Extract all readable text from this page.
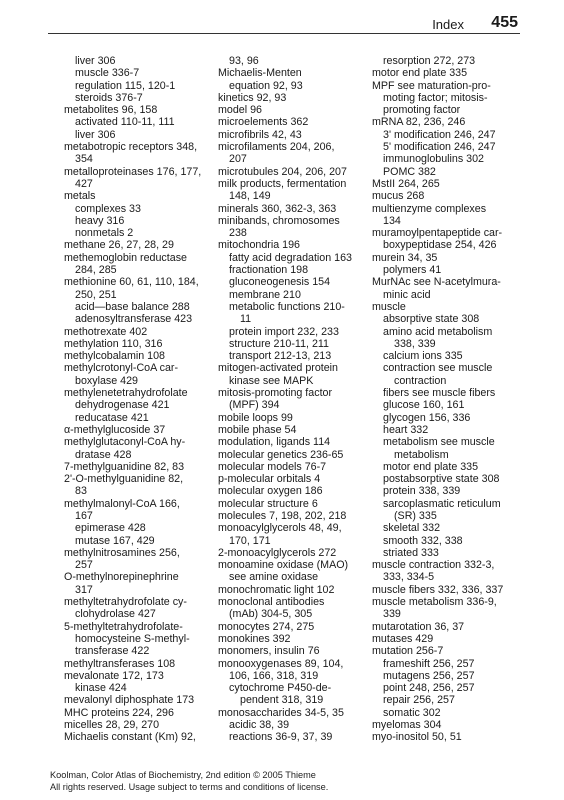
Index 455
liver 306
muscle 336-7
regulation 115, 120-1
steroids 376-7
metabolites 96, 158
activated 110-11, 111
liver 306
metabotropic receptors 348,
354
metalloproteinases 176, 177,
427
metals
complexes 33
heavy 316
nonmetals 2
methane 26, 27, 28, 29
methemoglobin reductase
284, 285
methionine 60, 61, 110, 184,
250, 251
acid—base balance 288
adenosyltransferase 423
methotrexate 402
methylation 110, 316
methylcobalamin 108
methylcrotonyl-CoA car-
boxylase 429
methylenetetrahydrofolate
dehydrogenase 421
reducatase 421
α-methylglucoside 37
methylglutaconyl-CoA hy-
dratase 428
7-methylguanidine 82, 83
2'-O-methylguanidine 82,
83
methylmalonyl-CoA 166,
167
epimerase 428
mutase 167, 429
methylnitrosamines 256,
257
O-methylnorepinephrine
317
methyltetrahydrofolate cy-
clohydrolase 427
5-methyltetrahydrofolate-
homocysteine S-methyl-
transferase 422
methyltransferases 108
mevalonate 172, 173
kinase 424
mevalonyl diphosphate 173
MHC proteins 224, 296
micelles 28, 29, 270
Michaelis constant (Km) 92,
93, 96
Michaelis-Menten
equation 92, 93
kinetics 92, 93
model 96
microelements 362
microfibrils 42, 43
microfilaments 204, 206,
207
microtubules 204, 206, 207
milk products, fermentation
148, 149
minerals 360, 362-3, 363
minibands, chromosomes
238
mitochondria 196
fatty acid degradation 163
fractionation 198
gluconeogenesis 154
membrane 210
metabolic functions 210-
11
protein import 232, 233
structure 210-11, 211
transport 212-13, 213
mitogen-activated protein
kinase see MAPK
mitosis-promoting factor
(MPF) 394
mobile loops 99
mobile phase 54
modulation, ligands 114
molecular genetics 236-65
molecular models 76-7
p-molecular orbitals 4
molecular oxygen 186
molecular structure 6
molecules 7, 198, 202, 218
monoacylglycerols 48, 49,
170, 171
2-monoacylglycerols 272
monoamine oxidase (MAO)
see amine oxidase
monochromatic light 102
monoclonal antibodies
(mAb) 304-5, 305
monocytes 274, 275
monokines 392
monomers, insulin 76
monooxygenases 89, 104,
106, 166, 318, 319
cytochrome P450-de-
pendent 318, 319
monosaccharides 34-5, 35
acidic 38, 39
reactions 36-9, 37, 39
resorption 272, 273
motor end plate 335
MPF see maturation-pro-
moting factor; mitosis-
promoting factor
mRNA 82, 236, 246
3' modification 246, 247
5' modification 246, 247
immunoglobulins 302
POMC 382
MstII 264, 265
mucus 268
multienzyme complexes
134
muramoylpentapeptide car-
boxypeptidase 254, 426
murein 34, 35
polymers 41
MurNAc see N-acetylmura-
minic acid
muscle
absorptive state 308
amino acid metabolism
338, 339
calcium ions 335
contraction see muscle
contraction
fibers see muscle fibers
glucose 160, 161
glycogen 156, 336
heart 332
metabolism see muscle
metabolism
motor end plate 335
postabsorptive state 308
protein 338, 339
sarcoplasmatic reticulum
(SR) 335
skeletal 332
smooth 332, 338
striated 333
muscle contraction 332-3,
333, 334-5
muscle fibers 332, 336, 337
muscle metabolism 336-9,
339
mutarotation 36, 37
mutases 429
mutation 256-7
frameshift 256, 257
mutagens 256, 257
point 248, 256, 257
repair 256, 257
somatic 302
myelomas 304
myo-inositol 50, 51
Koolman, Color Atlas of Biochemistry, 2nd edition © 2005 Thieme
All rights reserved. Usage subject to terms and conditions of license.
